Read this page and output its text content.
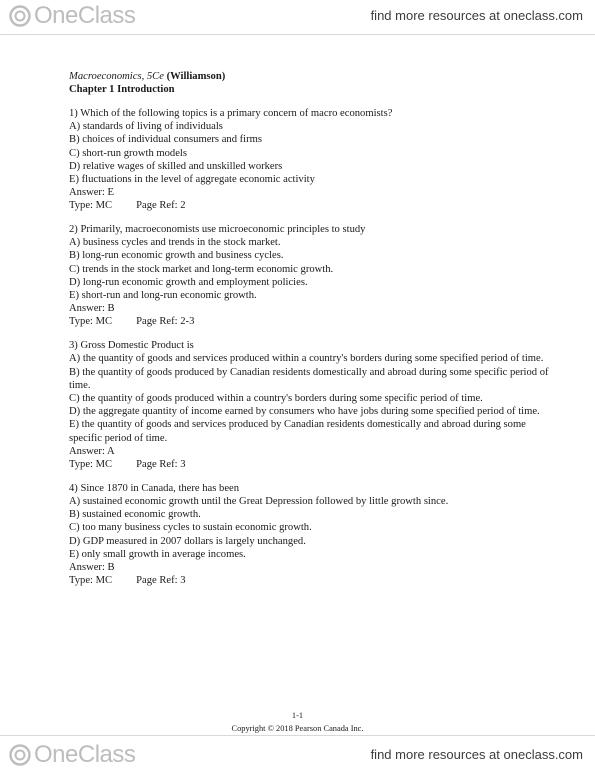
OneClass	find more resources at oneclass.com

Macroeconomics, 5Ce (Williamson)

Chapter 1 Introduction

1) Which of the following topics is a primary concern of macro economists?

A) standards of living of individuals

B) choices of individual consumers and firms

C) short-run growth models

D) relative wages of skilled and unskilled workers

E) fluctuations in the level of aggregate economic activity

Answer: E

Type: MC Page Ref: 2

2) Primarily, macroeconomists use microeconomic principles to study

A) business cycles and trends in the stock market.

B) long-run economic growth and business cycles.

C) trends in the stock market and long-term economic growth.

D) long-run economic growth and employment policies.

E) short-run and long-run economic growth.

Answer: B

Type: MC Page Ref: 2-3

3) Gross Domestic Product is

A) the quantity of goods and services produced within a country's borders during some specified period of time.

B) the quantity of goods produced by Canadian residents domestically and abroad during some specific period of time.

C) the quantity of goods produced within a country's borders during some specific period of time.

D) the aggregate quantity of income earned by consumers who have jobs during some specified period of time.

E) the quantity of goods and services produced by Canadian residents domestically and abroad during some specific period of time.

Answer: A

Type: MC Page Ref: 3

4) Since 1870 in Canada, there has been

A) sustained economic growth until the Great Depression followed by little growth since.

B) sustained economic growth.

C) too many business cycles to sustain economic growth.

D) GDP measured in 2007 dollars is largely unchanged.

E) only small growth in average incomes.

Answer: B

Type: MC Page Ref: 3

1-1
Copyright © 2018 Pearson Canada Inc.
OneClass	find more resources at oneclass.com
